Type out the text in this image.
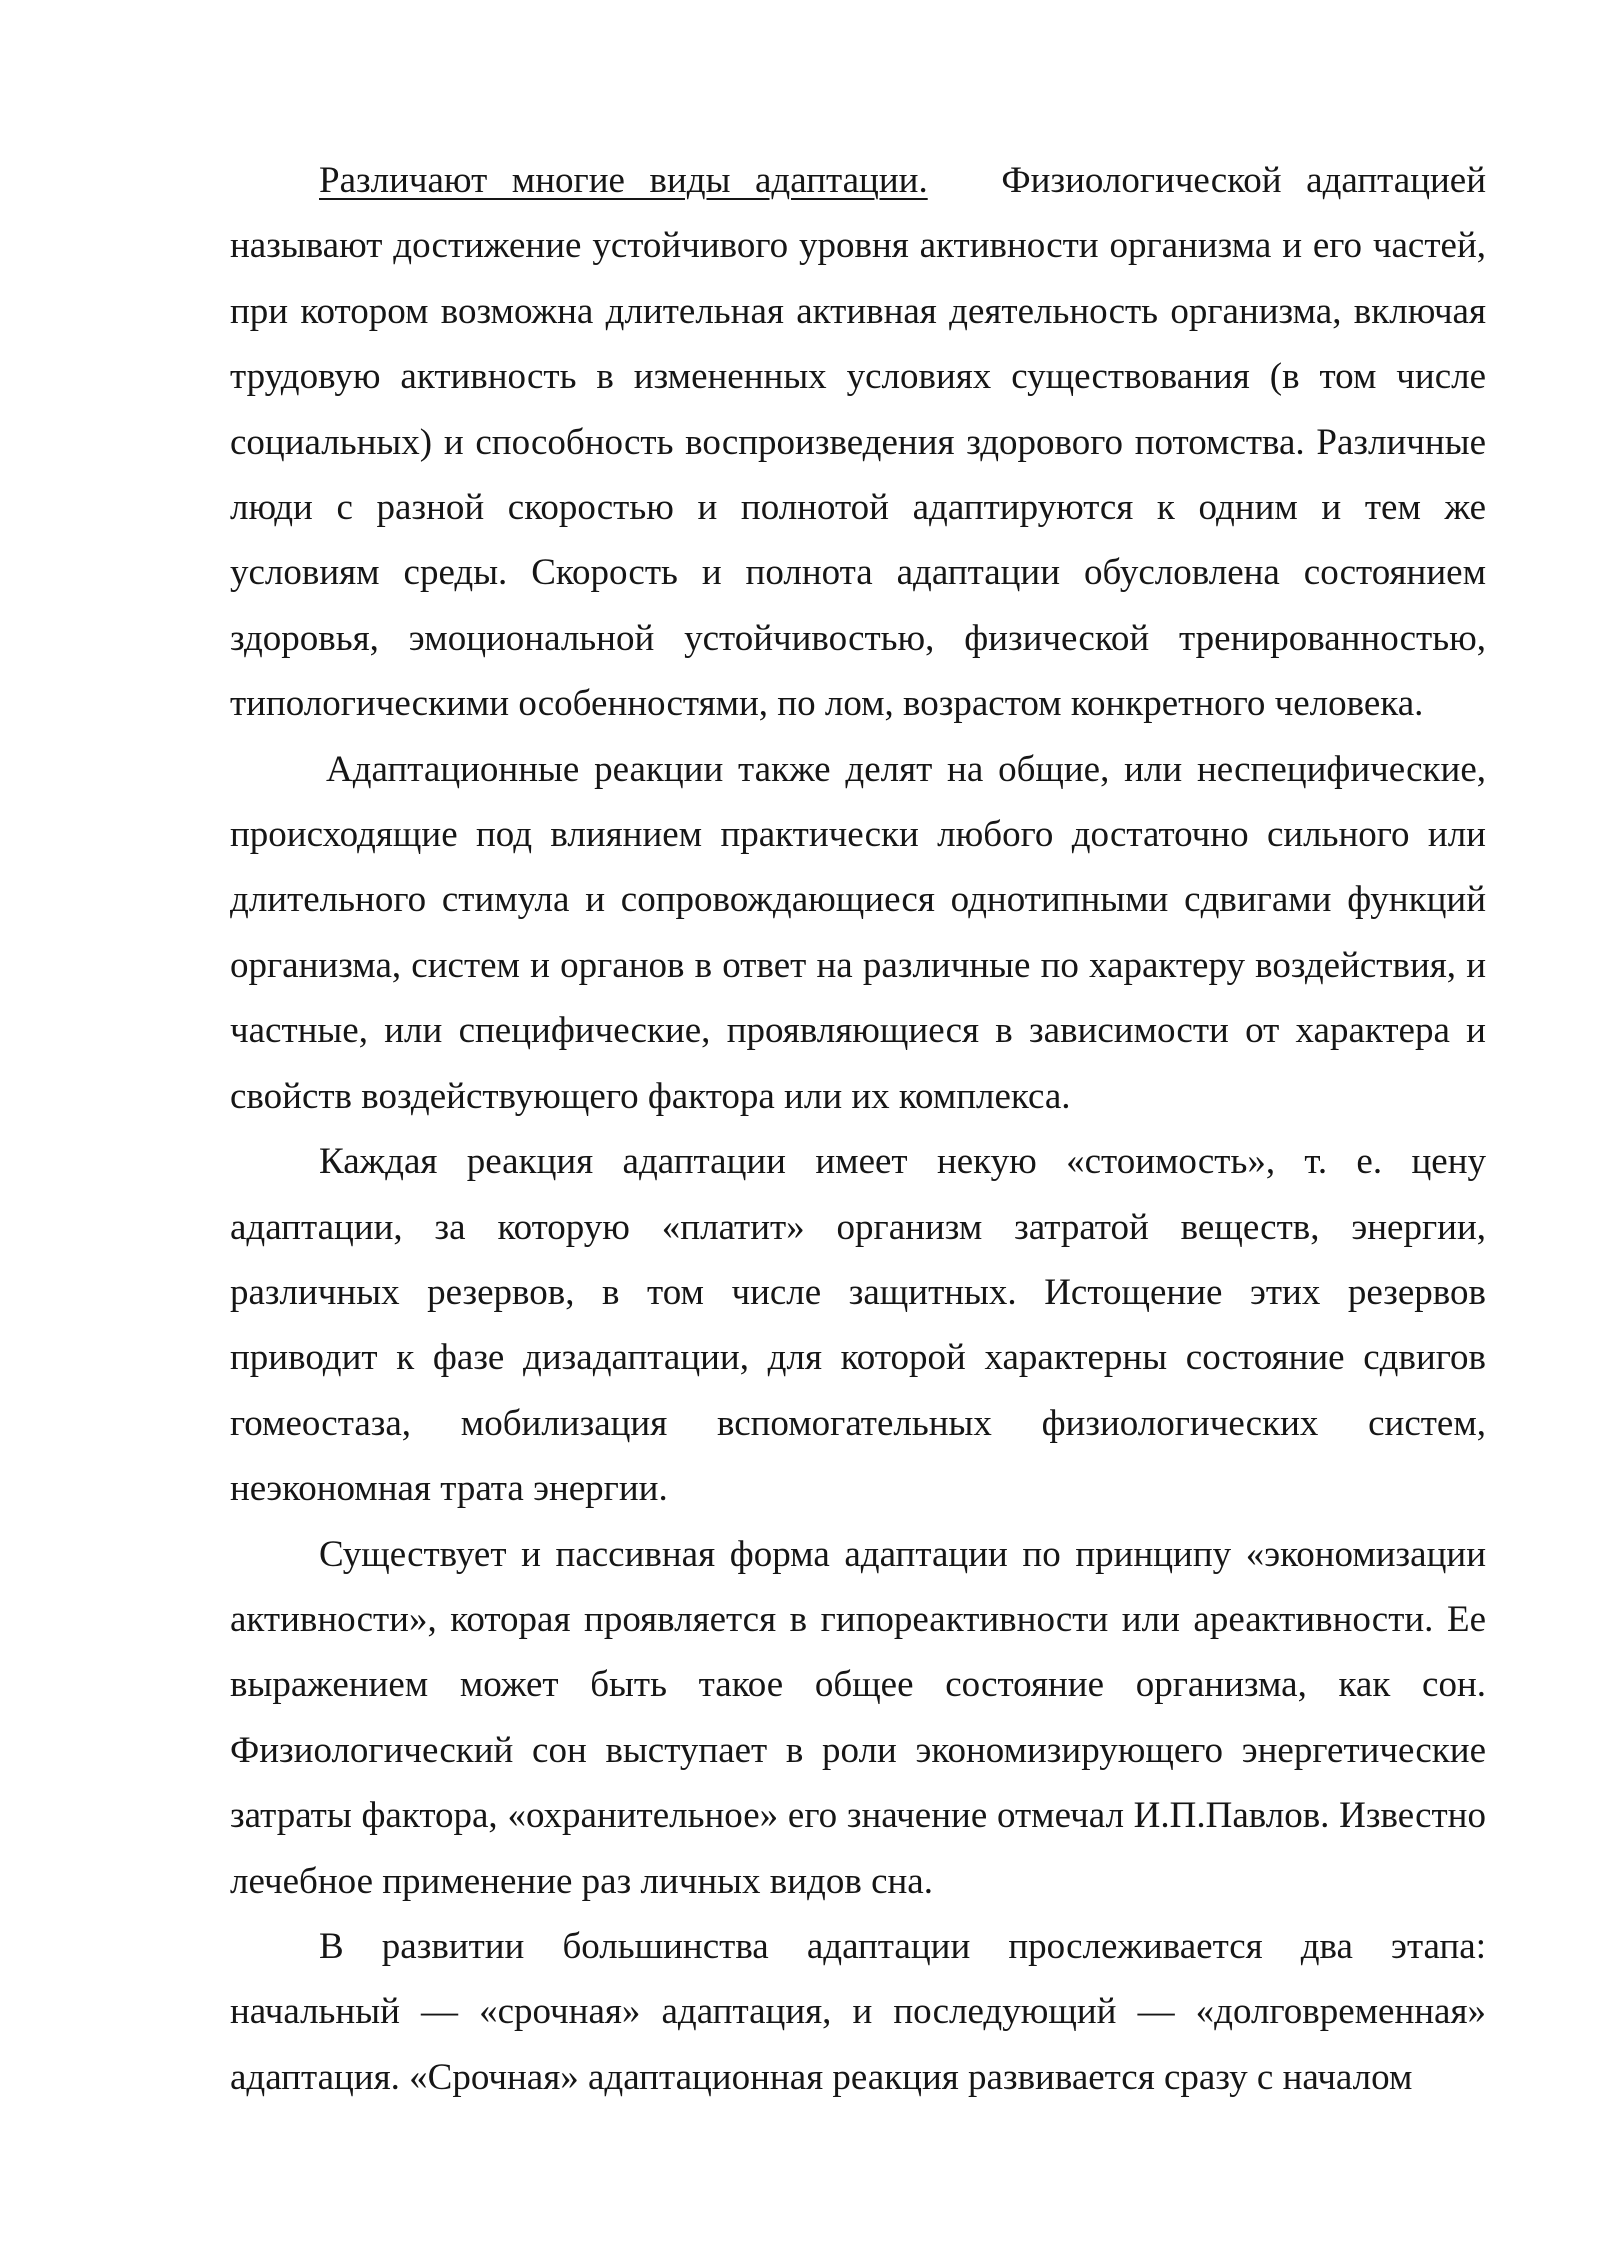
Различают многие виды адаптации. Физиологической адаптацией называют достижение устойчивого уровня активности организма и его частей, при котором возможна длительная активная деятельность организма, включая трудовую активность в измененных условиях существования (в том числе социальных) и способность воспроизведения здорового потомства. Различные люди с разной скоростью и полнотой адаптируются к одним и тем же условиям среды. Скорость и полнота адаптации обусловлена состоянием здоровья, эмоциональной устойчивостью, физической тренированностью, типологическими особенностями, по лом, возрастом конкретного человека.

Адаптационные реакции также делят на общие, или неспецифические, происходящие под влиянием практически любого достаточно сильного или длительного стимула и сопровождающиеся однотипными сдвигами функций организма, систем и органов в ответ на различные по характеру воздействия, и частные, или специфические, проявляющиеся в зависимости от характера и свойств воздействующего фактора или их комплекса.

Каждая реакция адаптации имеет некую «стоимость», т. е. цену адаптации, за которую «платит» организм затратой веществ, энергии, различных резервов, в том числе защитных. Истощение этих резервов приводит к фазе дизадаптации, для которой характерны состояние сдвигов гомеостаза, мобилизация вспомогательных физиологических систем, неэкономная трата энергии.

Существует и пассивная форма адаптации по принципу «экономизации активности», которая проявляется в гипореактивности или ареактивности. Ее выражением может быть такое общее состояние организма, как сон. Физиологический сон выступает в роли экономизирующего энергетические затраты фактора, «охранительное» его значение отмечал И.П.Павлов. Известно лечебное применение раз личных видов сна.

В развитии большинства адаптации прослеживается два этапа: начальный — «срочная» адаптация, и последующий — «долговременная» адаптация. «Срочная» адаптационная реакция развивается сразу с началом
